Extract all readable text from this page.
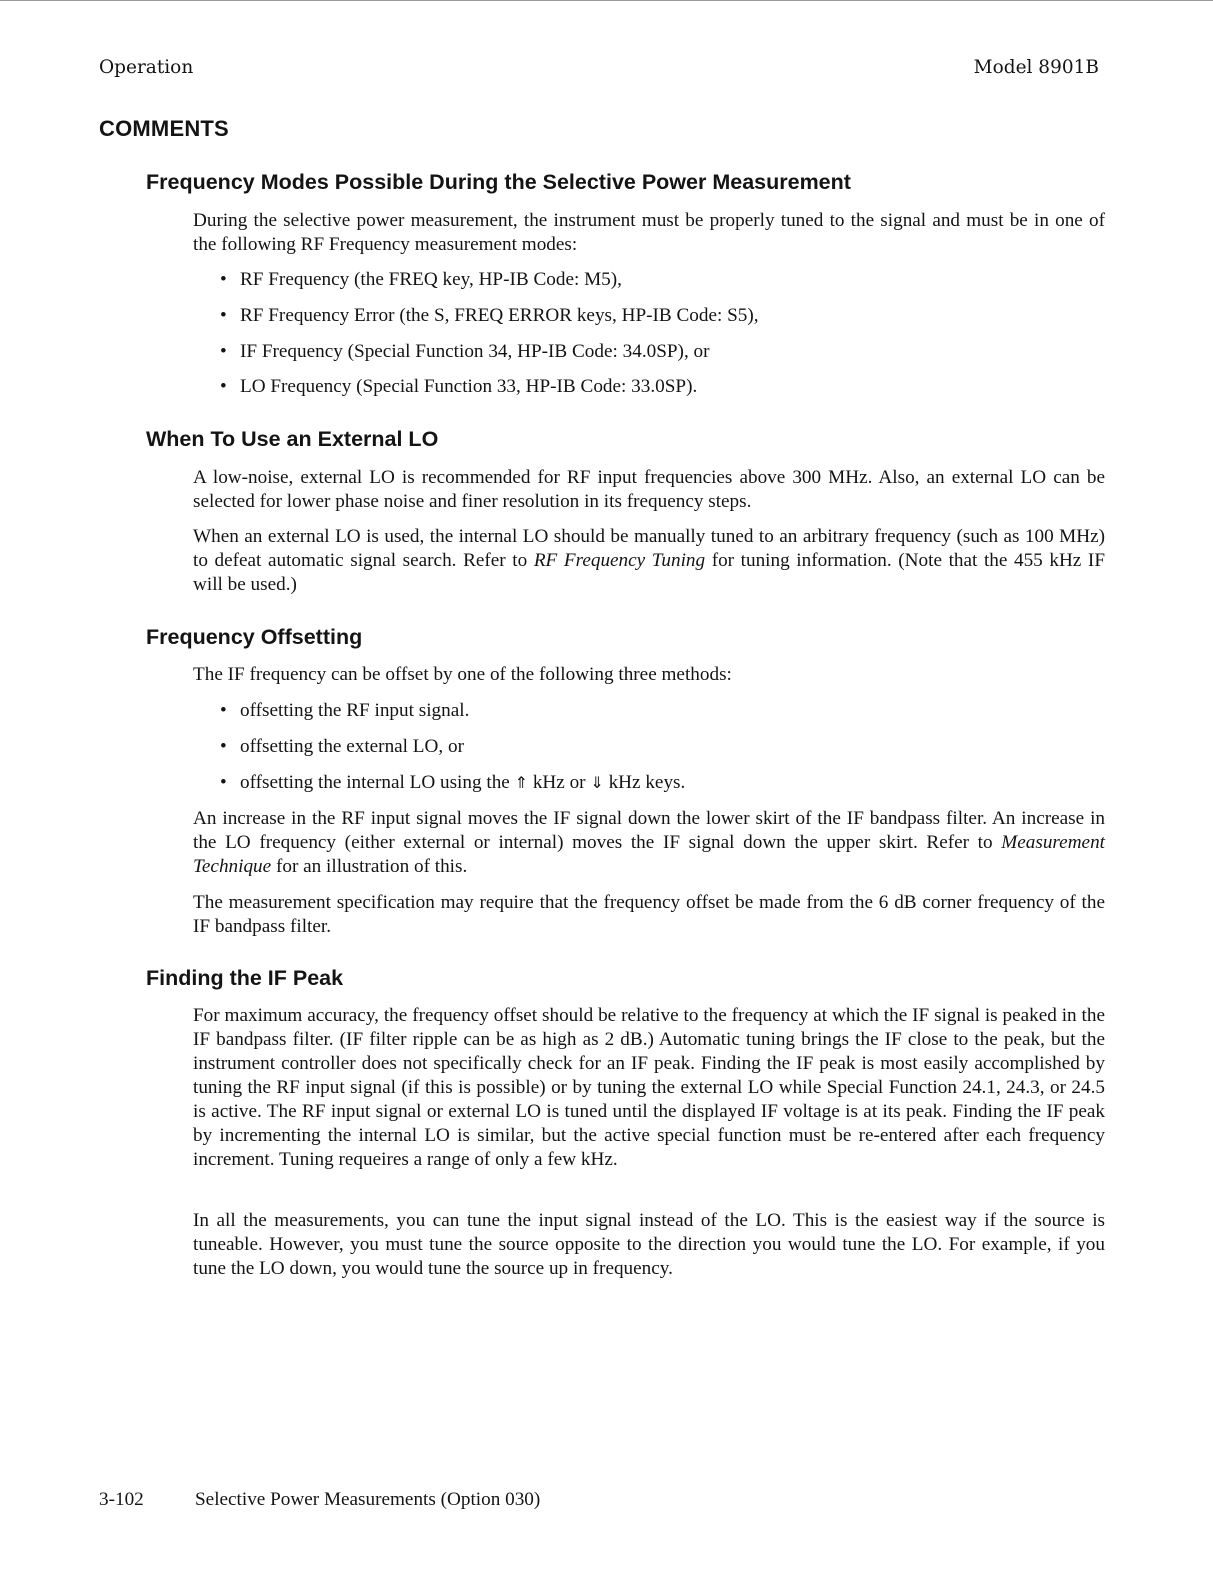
Operation	Model 8901B
COMMENTS
Frequency Modes Possible During the Selective Power Measurement

During the selective power measurement, the instrument must be properly tuned to the signal and must be in one of the following RF Frequency measurement modes:

• RF Frequency (the FREQ key, HP-IB Code: M5),
• RF Frequency Error (the S, FREQ ERROR keys, HP-IB Code: S5),
• IF Frequency (Special Function 34, HP-IB Code: 34.0SP), or
• LO Frequency (Special Function 33, HP-IB Code: 33.0SP).
When To Use an External LO

A low-noise, external LO is recommended for RF input frequencies above 300 MHz. Also, an external LO can be selected for lower phase noise and finer resolution in its frequency steps.

When an external LO is used, the internal LO should be manually tuned to an arbitrary frequency (such as 100 MHz) to defeat automatic signal search. Refer to RF Frequency Tuning for tuning information. (Note that the 455 kHz IF will be used.)

Frequency Offsetting

The IF frequency can be offset by one of the following three methods:

• offsetting the RF input signal.
• offsetting the external LO, or
• offsetting the internal LO using the ⇑ kHz or ⇓ kHz keys.

An increase in the RF input signal moves the IF signal down the lower skirt of the IF bandpass filter. An increase in the LO frequency (either external or internal) moves the IF signal down the upper skirt. Refer to Measurement Technique for an illustration of this.

The measurement specification may require that the frequency offset be made from the 6 dB corner frequency of the IF bandpass filter.

Finding the IF Peak

For maximum accuracy, the frequency offset should be relative to the frequency at which the IF signal is peaked in the IF bandpass filter. (IF filter ripple can be as high as 2 dB.) Automatic tuning brings the IF close to the peak, but the instrument controller does not specifically check for an IF peak. Finding the IF peak is most easily accomplished by tuning the RF input signal (if this is possible) or by tuning the external LO while Special Function 24.1, 24.3, or 24.5 is active. The RF input signal or external LO is tuned until the displayed IF voltage is at its peak. Finding the IF peak by incrementing the internal LO is similar, but the active special function must be re-entered after each frequency increment. Tuning requeires a range of only a few kHz.

In all the measurements, you can tune the input signal instead of the LO. This is the easiest way if the source is tuneable. However, you must tune the source opposite to the direction you would tune the LO. For example, if you tune the LO down, you would tune the source up in frequency.

3-102	Selective Power Measurements (Option 030)
